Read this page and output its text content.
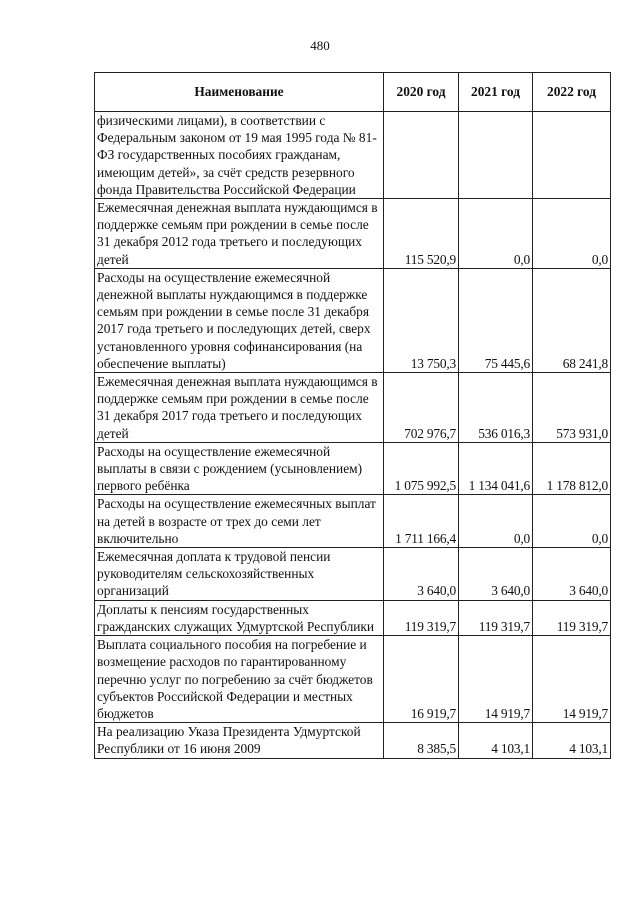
480
Наименование	2020 год	2021 год	2022 год
физическими лицами), в соответствии с Федеральным законом от 19 мая 1995 года № 81-ФЗ государственных пособиях гражданам, имеющим детей», за счёт средств резервного фонда Правительства Российской Федерации			
Ежемесячная денежная выплата нуждающимся в поддержке семьям при рождении в семье после 31 декабря 2012 года третьего и последующих детей	115 520,9	0,0	0,0
Расходы на осуществление ежемесячной денежной выплаты нуждающимся в поддержке семьям при рождении в семье после 31 декабря 2017 года третьего и последующих детей, сверх установленного уровня софинансирования (на обеспечение выплаты)	13 750,3	75 445,6	68 241,8
Ежемесячная денежная выплата нуждающимся в поддержке семьям при рождении в семье после 31 декабря 2017 года третьего и последующих детей	702 976,7	536 016,3	573 931,0
Расходы на осуществление ежемесячной выплаты в связи с рождением (усыновлением) первого ребёнка	1 075 992,5	1 134 041,6	1 178 812,0
Расходы на осуществление ежемесячных выплат на детей в возрасте от трех до семи лет включительно	1 711 166,4	0,0	0,0
Ежемесячная доплата к трудовой пенсии руководителям сельскохозяйственных организаций	3 640,0	3 640,0	3 640,0
Доплаты к пенсиям государственных гражданских служащих Удмуртской Республики	119 319,7	119 319,7	119 319,7
Выплата социального пособия на погребение и возмещение расходов по гарантированному перечню услуг по погребению за счёт бюджетов субъектов Российской Федерации и местных бюджетов	16 919,7	14 919,7	14 919,7
На реализацию Указа Президента Удмуртской Республики от 16 июня 2009	8 385,5	4 103,1	4 103,1
